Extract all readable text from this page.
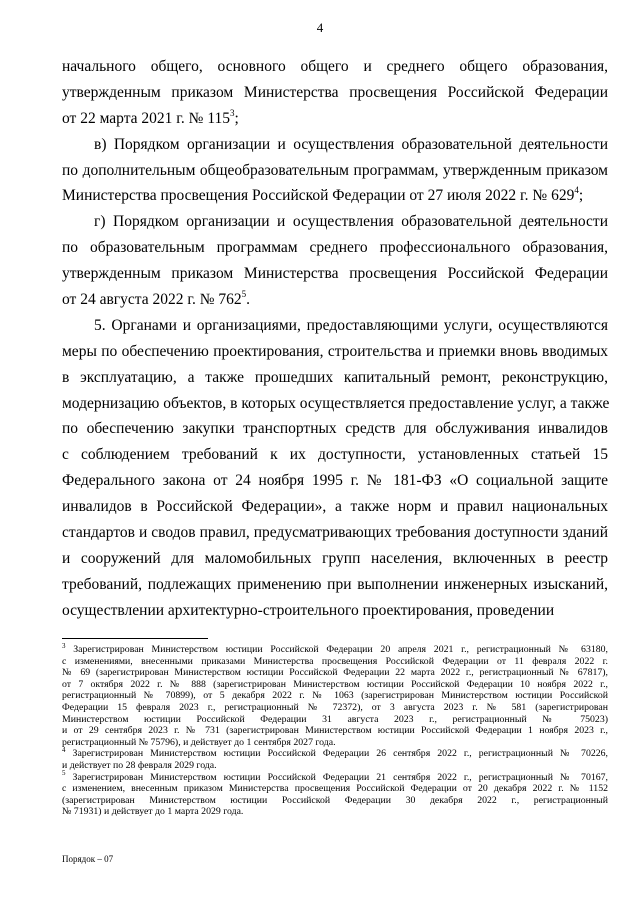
4
начального общего, основного общего и среднего общего образования,
утвержденным приказом Министерства просвещения Российской Федерации
от 22 марта 2021 г. № $115^3$;
в) Порядком организации и осуществления образовательной деятельности
по дополнительным общеобразовательным программам, утвержденным приказом
Министерства просвещения Российской Федерации от 27 июля 2022 г. № $629^4$;
г) Порядком организации и осуществления образовательной деятельности
по образовательным программам среднего профессионального образования,
утвержденным приказом Министерства просвещения Российской Федерации
от 24 августа 2022 г. № $762^5$.
5. Органами и организациями, предоставляющими услуги, осуществляются
меры по обеспечению проектирования, строительства и приемки вновь вводимых
в эксплуатацию, а также прошедших капитальный ремонт, реконструкцию,
модернизацию объектов, в которых осуществляется предоставление услуг, а также
по обеспечению закупки транспортных средств для обслуживания инвалидов
с соблюдением требований к их доступности, установленных статьей 15
Федерального закона от 24 ноября 1995 г. № 181-ФЗ «О социальной защите
инвалидов в Российской Федерации», а также норм и правил национальных
стандартов и сводов правил, предусматривающих требования доступности зданий
и сооружений для маломобильных групп населения, включенных в реестр
требований, подлежащих применению при выполнении инженерных изысканий,
осуществлении архитектурно-строительного проектирования, проведении
$^3$ Зарегистрирован Министерством юстиции Российской Федерации 20 апреля 2021 г., регистрационный № 63180,
с изменениями, внесенными приказами Министерства просвещения Российской Федерации от 11 февраля 2022 г.
№ 69 (зарегистрирован Министерством юстиции Российской Федерации 22 марта 2022 г., регистрационный № 67817),
от 7 октября 2022 г. № 888 (зарегистрирован Министерством юстиции Российской Федерации 10 ноября 2022 г.,
регистрационный № 70899), от 5 декабря 2022 г. № 1063 (зарегистрирован Министерством юстиции Российской
Федерации 15 февраля 2023 г., регистрационный № 72372), от 3 августа 2023 г. № 581 (зарегистрирован
Министерством юстиции Российской Федерации 31 августа 2023 г., регистрационный № 75023)
и от 29 сентября 2023 г. № 731 (зарегистрирован Министерством юстиции Российской Федерации 1 ноября 2023 г.,
регистрационный № 75796), и действует до 1 сентября 2027 года.
$^4$ Зарегистрирован Министерством юстиции Российской Федерации 26 сентября 2022 г., регистрационный № 70226,
и действует по 28 февраля 2029 года.
$^5$ Зарегистрирован Министерством юстиции Российской Федерации 21 сентября 2022 г., регистрационный № 70167,
с изменением, внесенным приказом Министерства просвещения Российской Федерации от 20 декабря 2022 г. № 1152
(зарегистрирован Министерством юстиции Российской Федерации 30 декабря 2022 г., регистрационный
№ 71931) и действует до 1 марта 2029 года.
Порядок – 07
